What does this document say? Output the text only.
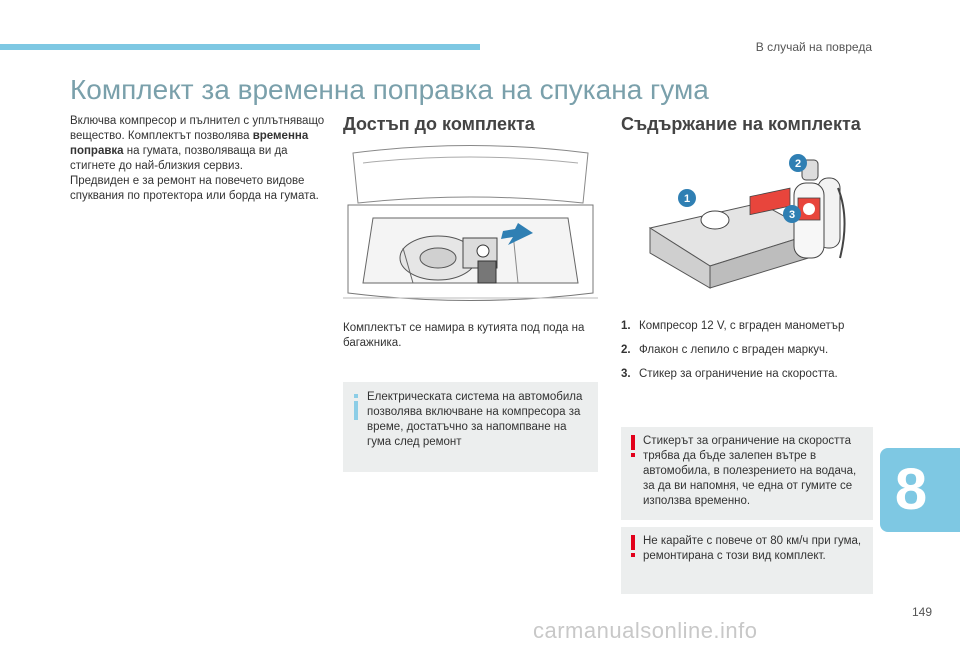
В случай на повреда
Комплект за временна поправка на спукана гума
Включва компресор и пълнител с уплътняващо вещество. Комплектът позволява временна поправка на гумата, позволяваща ви да стигнете до най-близкия сервиз.
Предвиден е за ремонт на повечето видове спуквания по протектора или борда на гумата.
Достъп до комплекта
Комплектът се намира в кутията под пода на багажника.
Електрическата система на автомобила позволява включване на компресора за време, достатъчно за напомпване на гума след ремонт
Съдържание на комплекта
1
2
3
1. Компресор 12 V, с вграден манометър
2. Флакон с лепило с вграден маркуч.
3. Стикер за ограничение на скоростта.
Стикерът за ограничение на скоростта трябва да бъде залепен вътре в автомобила, в полезрението на водача, за да ви напомня, че една от гумите се използва временно.
Не карайте с повече от 80 км/ч при гума, ремонтирана с този вид комплект.
8
149
carmanualsonline.info
